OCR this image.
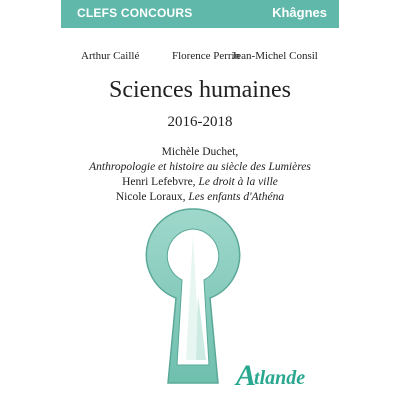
CLEFS CONCOURS	Khâgnes
Arthur Caillé	Florence Perrin
Jean-Michel Consil
Sciences humaines
2016-2018
Michèle Duchet,
Anthropologie et histoire au siècle des Lumières
Henri Lefebvre, Le droit à la ville
Nicole Loraux, Les enfants d'Athéna
A
tlande
